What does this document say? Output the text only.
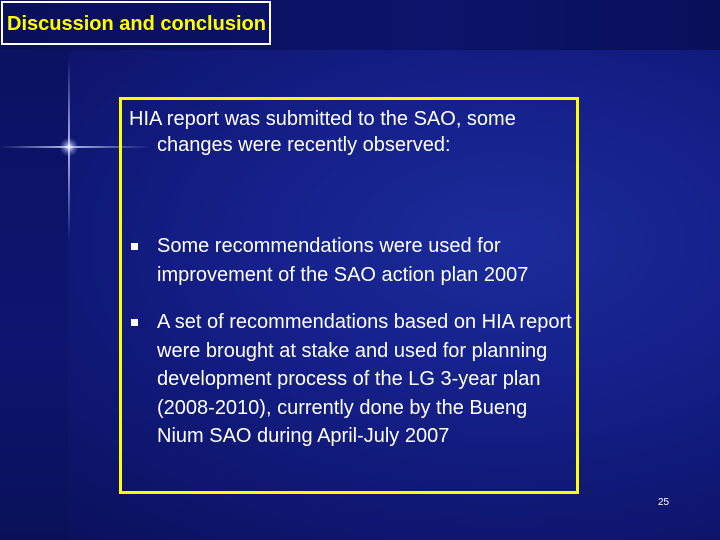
Discussion and conclusion

HIA report was submitted to the SAO, some changes were recently observed:

Some recommendations were used for improvement of the SAO action plan 2007
A set of recommendations based on HIA report were brought at stake and used for planning development process of the LG 3-year plan (2008-2010), currently done by the Bueng Nium SAO during April-July 2007
25
